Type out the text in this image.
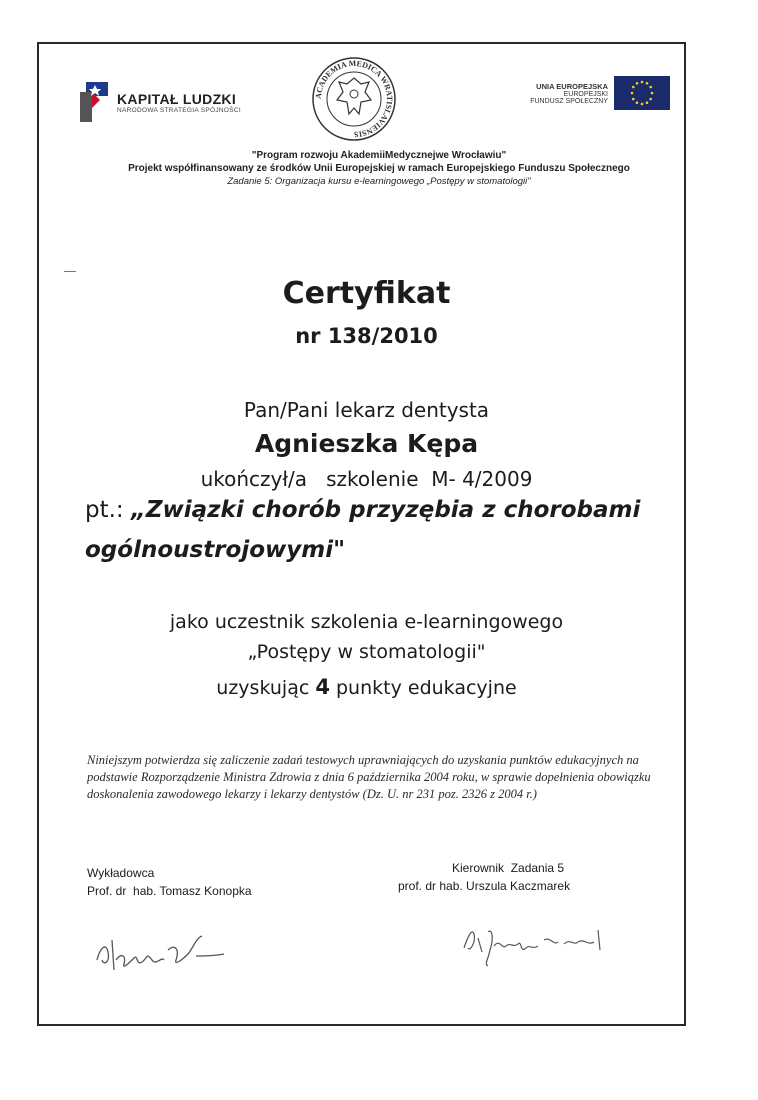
KAPITAŁ LUDZKI
NARODOWA STRATEGIA SPÓJNOŚCI
ACADEMIA MEDICA WRATISLAVIENSIS
UNIA EUROPEJSKA
EUROPEJSKI
FUNDUSZ SPOŁECZNY
"Program rozwoju AkademiiMedycznejwe Wrocławiu"
Projekt współfinansowany ze środków Unii Europejskiej w ramach Europejskiego Funduszu Społecznego
Zadanie 5: Organizacja kursu e-learningowego „Postępy w stomatologii"
Certyfikat
nr 138/2010
Pan/Pani lekarz dentysta
Agnieszka Kępa
ukończył/a   szkolenie  M- 4/2009
pt.: „Związki chorób przyzębia z chorobami
ogólnoustrojowymi"
jako uczestnik szkolenia e-learningowego
„Postępy w stomatologii"
uzyskując 4 punkty edukacyjne
Niniejszym potwierdza się zaliczenie zadań testowych uprawniających do uzyskania punktów edukacyjnych na podstawie Rozporządzenie Ministra Zdrowia z dnia 6 października 2004 roku, w sprawie dopełnienia obowiązku doskonalenia zawodowego lekarzy i lekarzy dentystów (Dz. U. nr 231 poz. 2326 z 2004 r.)
Wykładowca
Prof. dr  hab. Tomasz Konopka
Kierownik  Zadania 5
prof. dr hab. Urszula Kaczmarek
